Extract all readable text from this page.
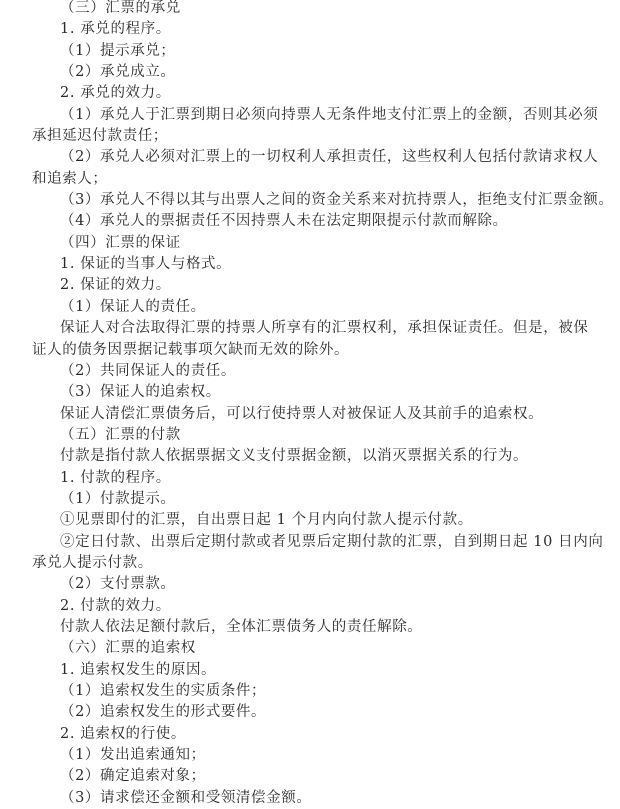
（三）汇票的承兑
1. 承兑的程序。
（1）提示承兑；
（2）承兑成立。
2. 承兑的效力。
（1）承兑人于汇票到期日必须向持票人无条件地支付汇票上的金额，否则其必须
承担延迟付款责任；
（2）承兑人必须对汇票上的一切权利人承担责任，这些权利人包括付款请求权人
和追索人；
（3）承兑人不得以其与出票人之间的资金关系来对抗持票人，拒绝支付汇票金额。
（4）承兑人的票据责任不因持票人未在法定期限提示付款而解除。
（四）汇票的保证
1. 保证的当事人与格式。
2. 保证的效力。
（1）保证人的责任。
保证人对合法取得汇票的持票人所享有的汇票权利，承担保证责任。但是，被保
证人的债务因票据记载事项欠缺而无效的除外。
（2）共同保证人的责任。
（3）保证人的追索权。
保证人清偿汇票债务后，可以行使持票人对被保证人及其前手的追索权。
（五）汇票的付款
付款是指付款人依据票据文义支付票据金额，以消灭票据关系的行为。
1. 付款的程序。
（1）付款提示。
①见票即付的汇票，自出票日起 1 个月内向付款人提示付款。
②定日付款、出票后定期付款或者见票后定期付款的汇票，自到期日起 10 日内向
承兑人提示付款。
（2）支付票款。
2. 付款的效力。
付款人依法足额付款后，全体汇票债务人的责任解除。
（六）汇票的追索权
1. 追索权发生的原因。
（1）追索权发生的实质条件；
（2）追索权发生的形式要件。
2. 追索权的行使。
（1）发出追索通知；
（2）确定追索对象；
（3）请求偿还金额和受领清偿金额。
